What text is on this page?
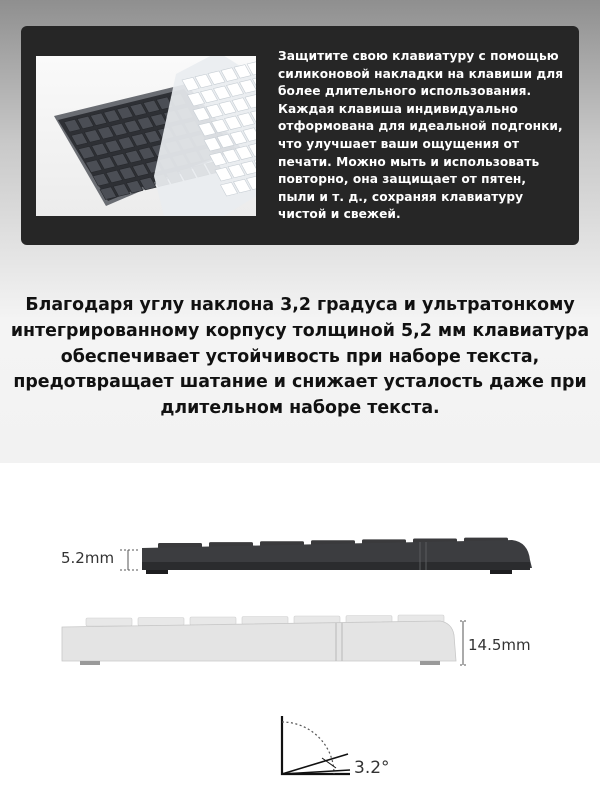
Защитите свою клавиатуру с помощью
силиконовой накладки на клавиши для
более длительного использования.
Каждая клавиша индивидуально
отформована для идеальной подгонки,
что улучшает ваши ощущения от
печати. Можно мыть и использовать
повторно, она защищает от пятен,
пыли и т. д., сохраняя клавиатуру
чистой и свежей.
Благодаря углу наклона 3,2 градуса и ультратонкому
интегрированному корпусу толщиной 5,2 мм клавиатура
обеспечивает устойчивость при наборе текста,
предотвращает шатание и снижает усталость даже при
длительном наборе текста.
5.2mm
14.5mm
3.2°
